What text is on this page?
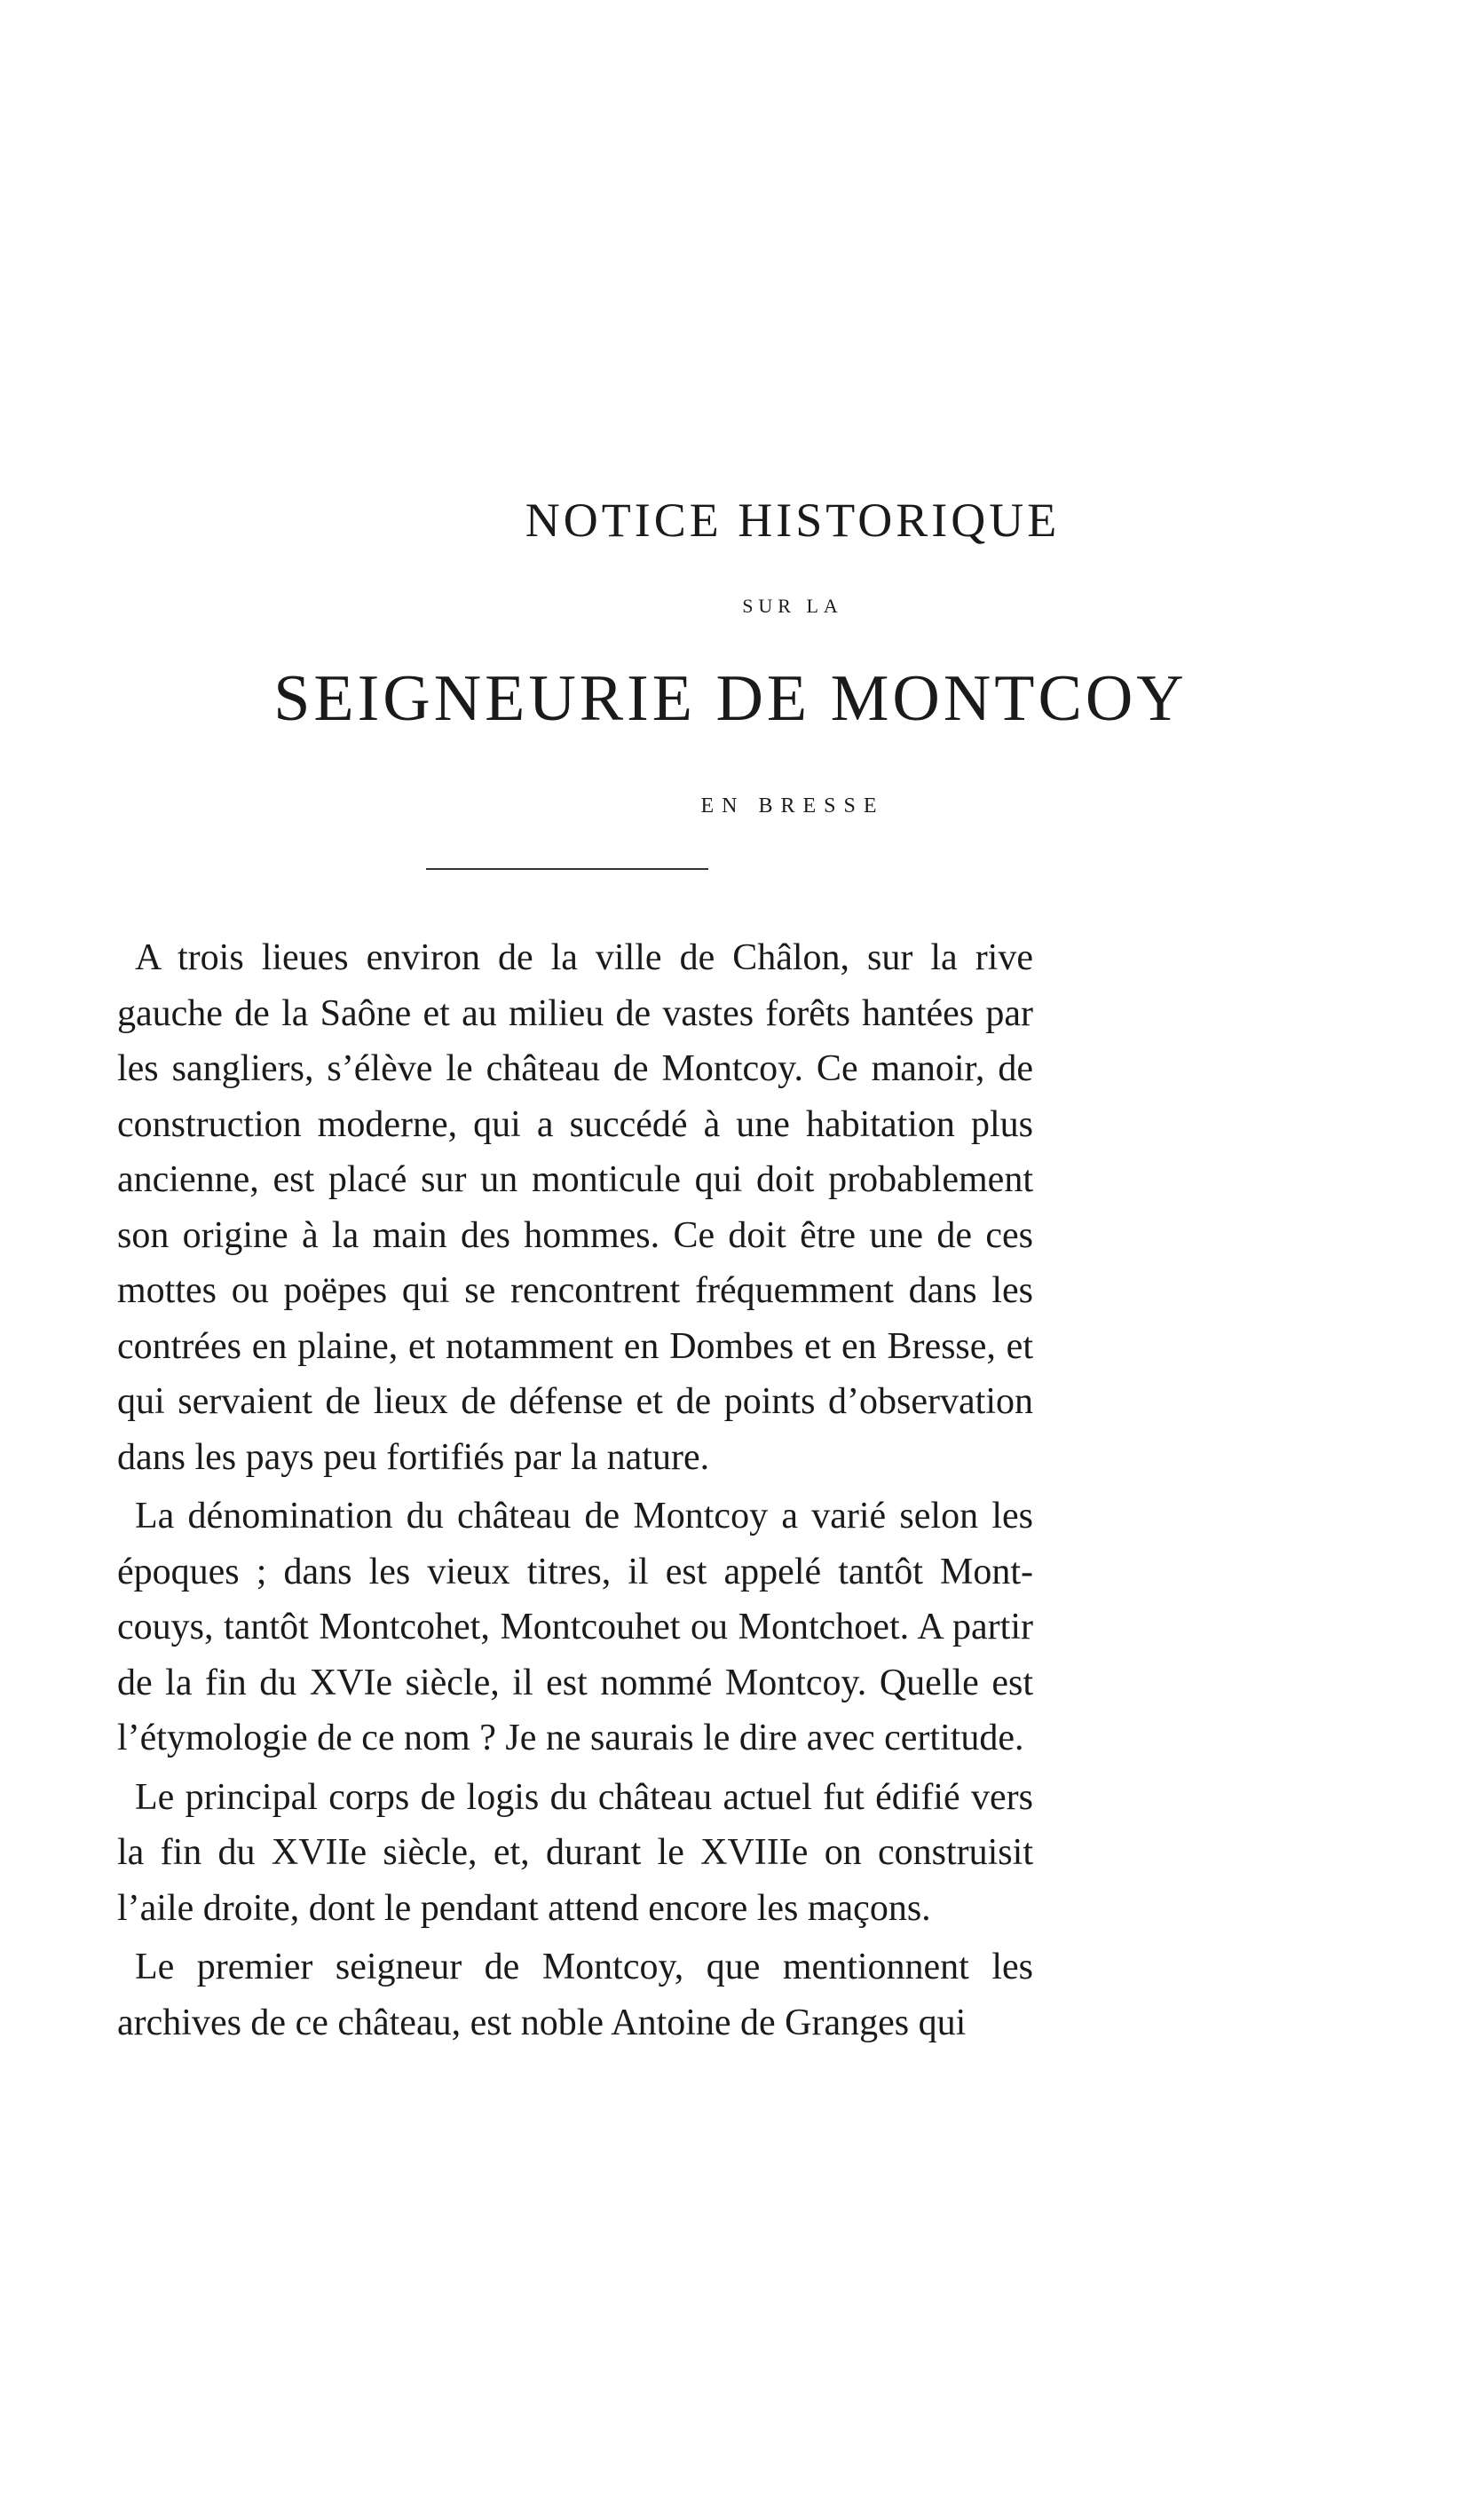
NOTICE HISTORIQUE
SUR LA
SEIGNEURIE DE MONTCOY
EN BRESSE

A trois lieues environ de la ville de Châlon, sur la rive gauche de la Saône et au milieu de vastes forêts hantées par les sangliers, s’élève le château de Montcoy. Ce manoir, de construction moderne, qui a succédé à une habitation plus ancienne, est placé sur un monticule qui doit probablement son origine à la main des hommes. Ce doit être une de ces mottes ou poëpes qui se rencontrent fréquemment dans les contrées en plaine, et notamment en Dombes et en Bresse, et qui servaient de lieux de défense et de points d’observation dans les pays peu fortifiés par la nature.

La dénomination du château de Montcoy a varié selon les époques ; dans les vieux titres, il est appelé tantôt Montcouys, tantôt Montcohet, Montcouhet ou Montchoet. A partir de la fin du XVIe siècle, il est nommé Montcoy. Quelle est l’étymologie de ce nom ? Je ne saurais le dire avec certitude.

Le principal corps de logis du château actuel fut édifié vers la fin du XVIIe siècle, et, durant le XVIIIe on construisit l’aile droite, dont le pendant attend encore les maçons.

Le premier seigneur de Montcoy, que mentionnent les archives de ce château, est noble Antoine de Granges qui
